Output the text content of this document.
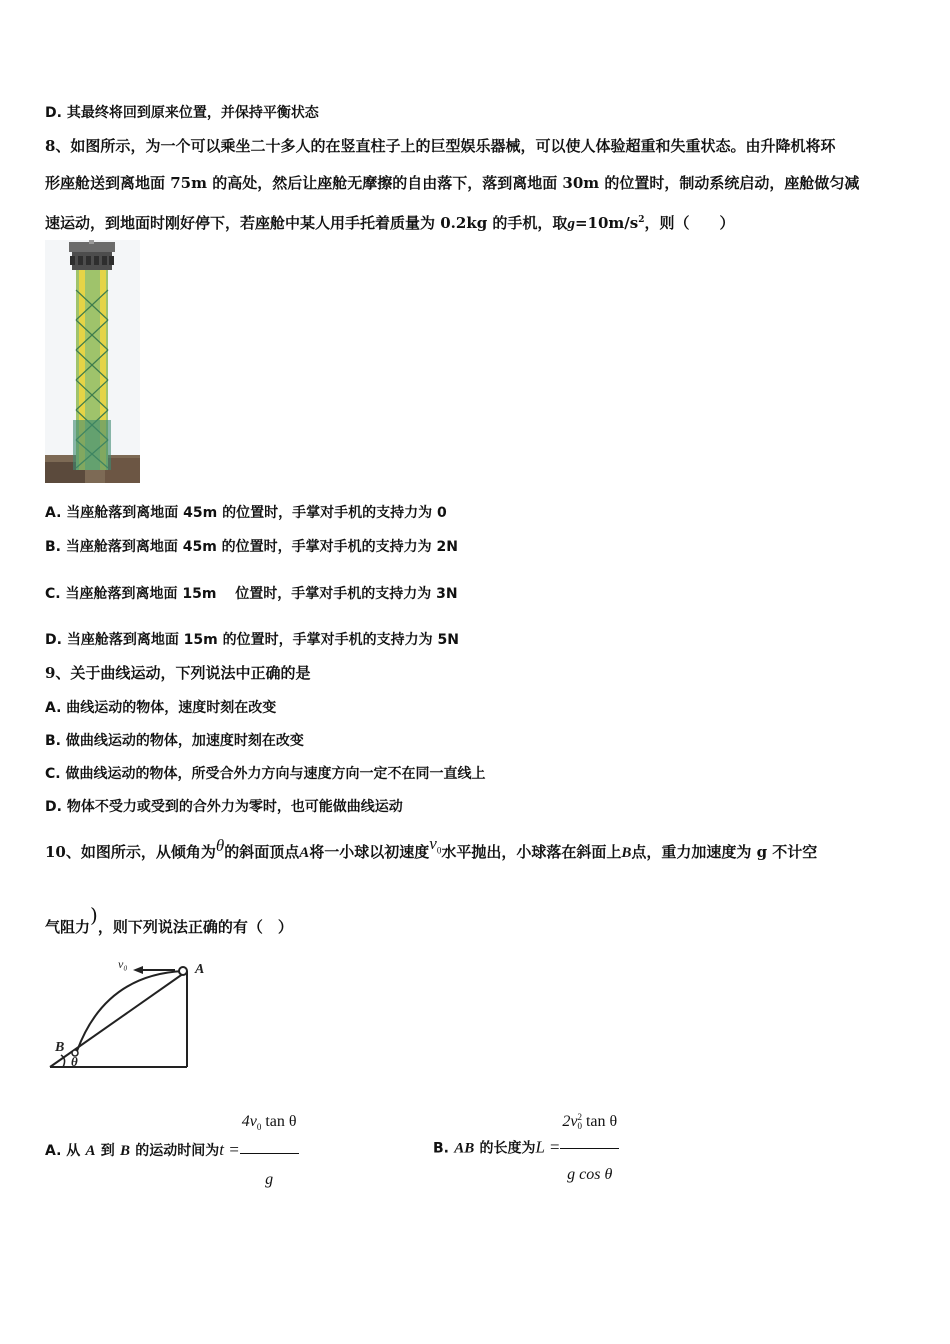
D. 其最终将回到原来位置，并保持平衡状态
8、如图所示，为一个可以乘坐二十多人的在竖直柱子上的巨型娱乐器械，可以使人体验超重和失重状态。由升降机将环
形座舱送到离地面 75m 的高处，然后让座舱无摩擦的自由落下，落到离地面 30m 的位置时，制动系统启动，座舱做匀减
速运动，到地面时刚好停下，若座舱中某人用手托着质量为 0.2kg 的手机，取$g=10m/s^2$，则（　　）
A. 当座舱落到离地面 45m 的位置时，手掌对手机的支持力为 0
B. 当座舱落到离地面 45m 的位置时，手掌对手机的支持力为 2N
C. 当座舱落到离地面 15m　 位置时，手掌对手机的支持力为 3N
D. 当座舱落到离地面 15m 的位置时，手掌对手机的支持力为 5N
9、关于曲线运动，下列说法中正确的是
A. 曲线运动的物体，速度时刻在改变
B. 做曲线运动的物体，加速度时刻在改变
C. 做曲线运动的物体，所受合外力方向与速度方向一定不在同一直线上
D. 物体不受力或受到的合外力为零时，也可能做曲线运动
10、如图所示，从倾角为θ的斜面顶点A将一小球以初速度$v_0$水平抛出，小球落在斜面上B点，重力加速度为 g 不计空
气阻力)，则下列说法正确的有（　）
v₀	A
B
θ
A. 从 A 到 B 的运动时间为$t = \frac{4v_0 \tan \theta}{g}$	B. AB 的长度为L = 2v 2
0 tan θ
g cos θ
